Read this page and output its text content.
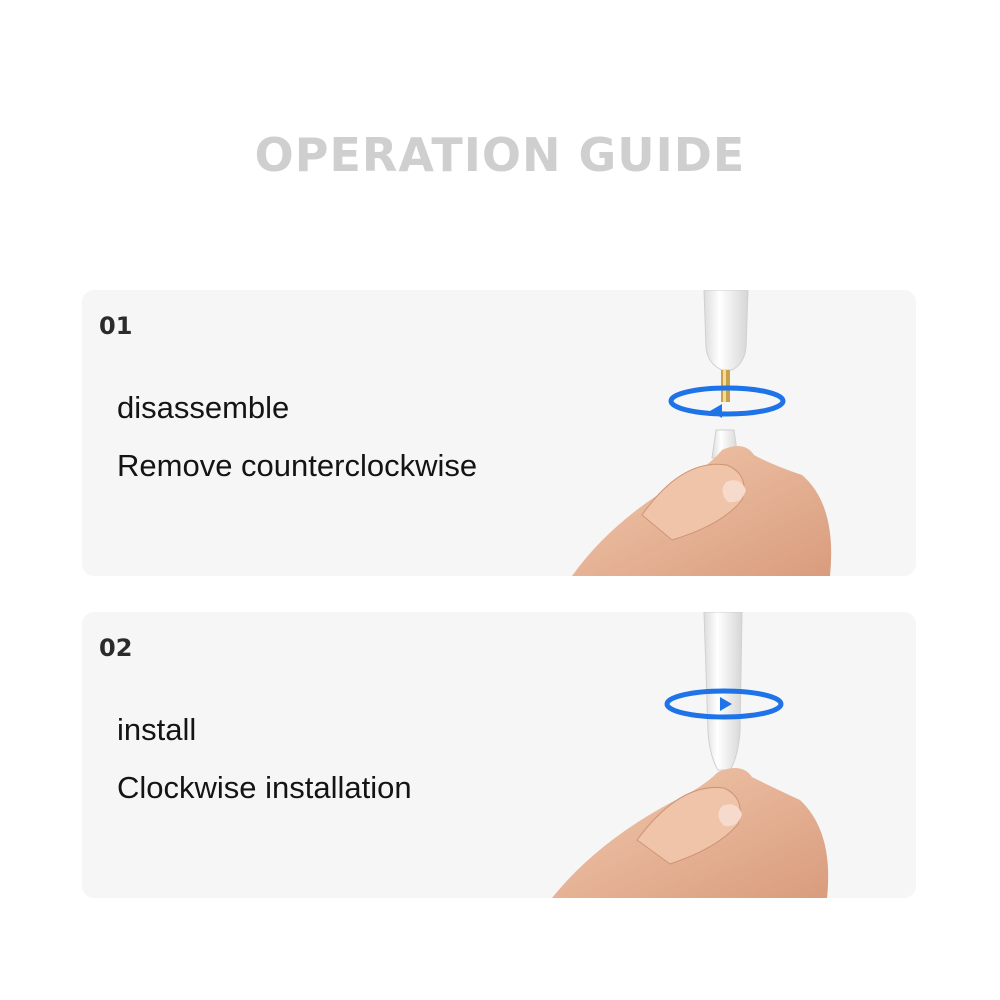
OPERATION GUIDE
01
disassemble
Remove counterclockwise
02
install
Clockwise installation
